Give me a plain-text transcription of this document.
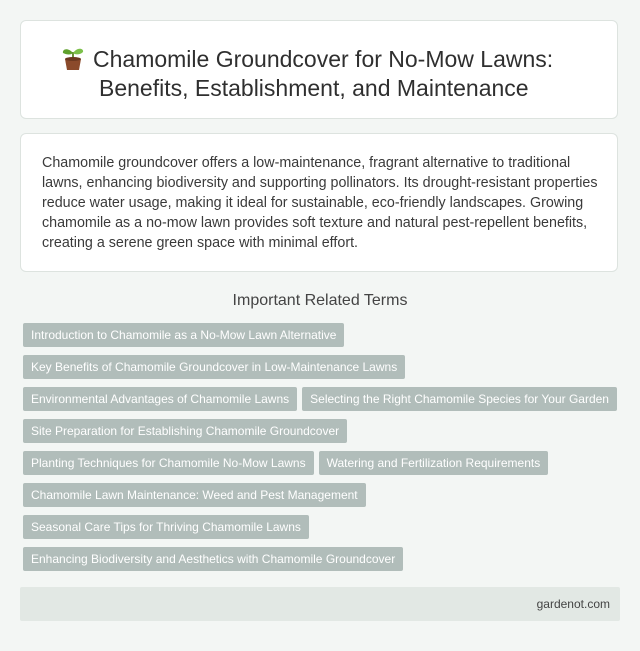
Chamomile Groundcover for No-Mow Lawns:
Benefits, Establishment, and Maintenance
Chamomile groundcover offers a low-maintenance, fragrant alternative to traditional lawns, enhancing biodiversity and supporting pollinators. Its drought-resistant properties reduce water usage, making it ideal for sustainable, eco-friendly landscapes. Growing chamomile as a no-mow lawn provides soft texture and natural pest-repellent benefits, creating a serene green space with minimal effort.
Important Related Terms
Introduction to Chamomile as a No-Mow Lawn Alternative
Key Benefits of Chamomile Groundcover in Low-Maintenance Lawns
Environmental Advantages of Chamomile Lawns Selecting the Right Chamomile Species for Your Garden
Site Preparation for Establishing Chamomile Groundcover
Planting Techniques for Chamomile No-Mow Lawns Watering and Fertilization Requirements
Chamomile Lawn Maintenance: Weed and Pest Management
Seasonal Care Tips for Thriving Chamomile Lawns
Enhancing Biodiversity and Aesthetics with Chamomile Groundcover
gardenot.com
